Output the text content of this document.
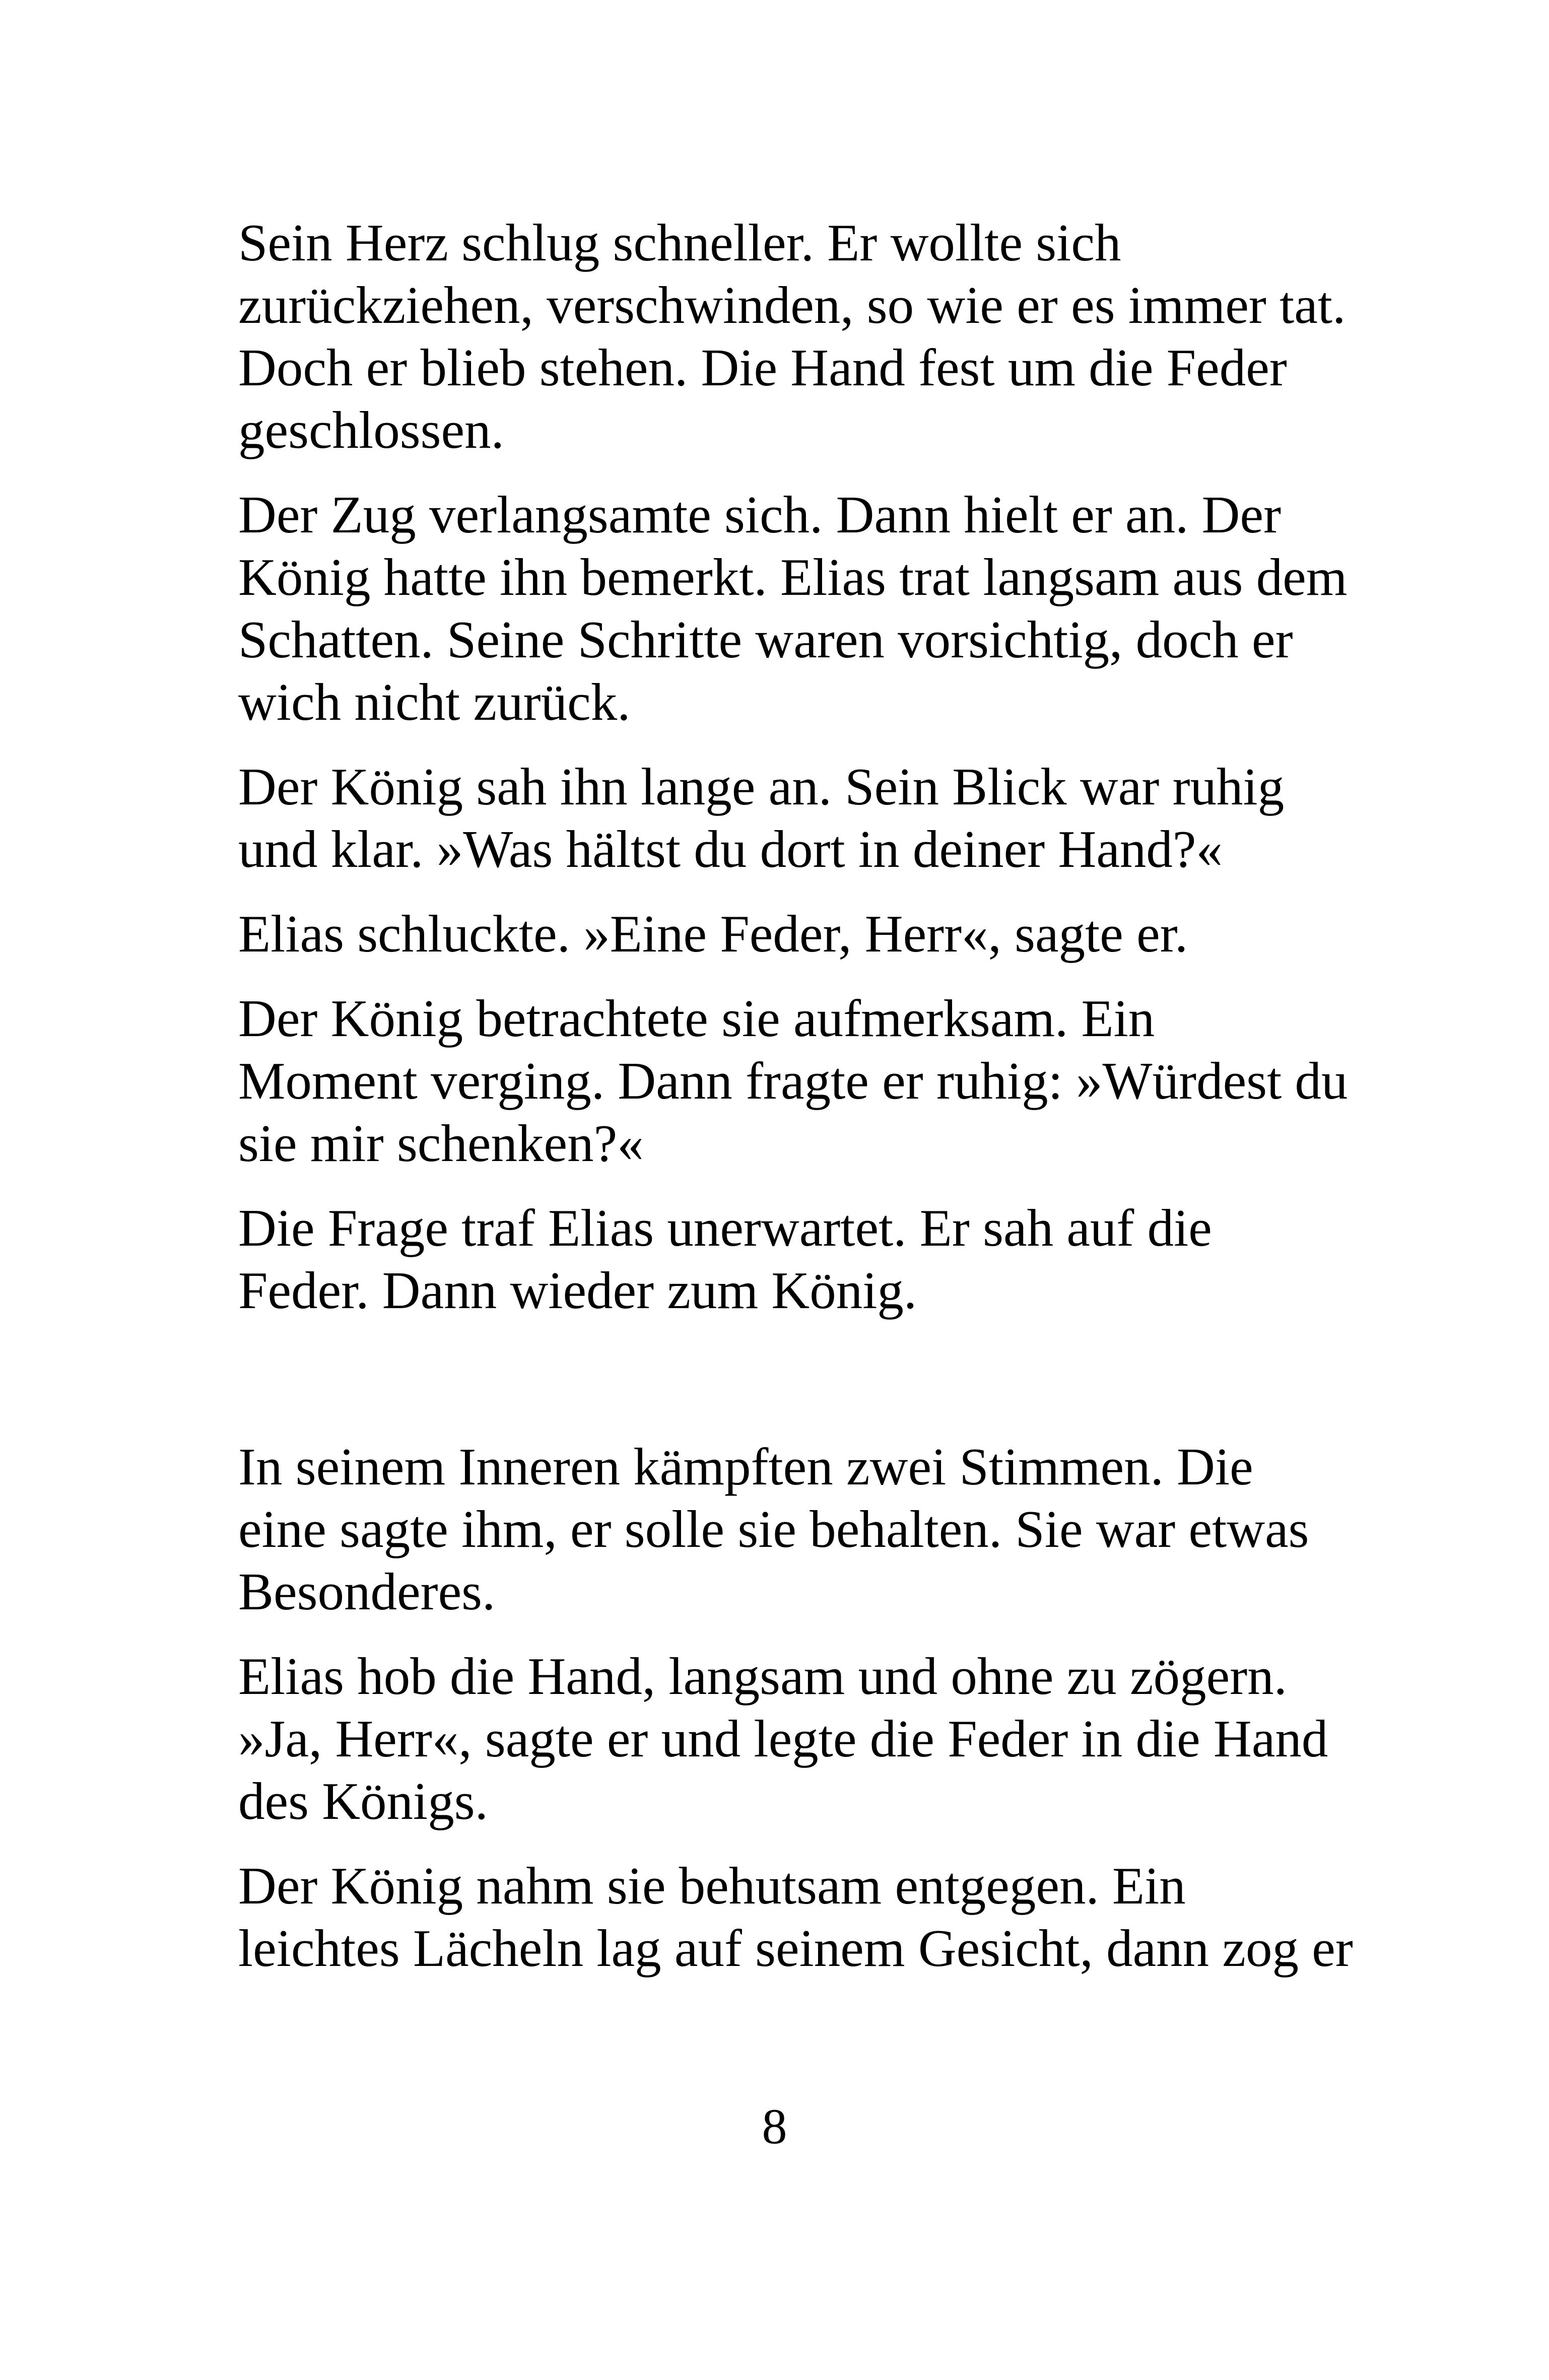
Sein Herz schlug schneller. Er wollte sich
zurückziehen, verschwinden, so wie er es immer tat.
Doch er blieb stehen. Die Hand fest um die Feder
geschlossen.

Der Zug verlangsamte sich. Dann hielt er an. Der
König hatte ihn bemerkt. Elias trat langsam aus dem
Schatten. Seine Schritte waren vorsichtig, doch er
wich nicht zurück.

Der König sah ihn lange an. Sein Blick war ruhig
und klar. »Was hältst du dort in deiner Hand?«

Elias schluckte. »Eine Feder, Herr«, sagte er.

Der König betrachtete sie aufmerksam. Ein
Moment verging. Dann fragte er ruhig: »Würdest du
sie mir schenken?«

Die Frage traf Elias unerwartet. Er sah auf die
Feder. Dann wieder zum König.

In seinem Inneren kämpften zwei Stimmen. Die
eine sagte ihm, er solle sie behalten. Sie war etwas
Besonderes.

Elias hob die Hand, langsam und ohne zu zögern.
»Ja, Herr«, sagte er und legte die Feder in die Hand
des Königs.

Der König nahm sie behutsam entgegen. Ein
leichtes Lächeln lag auf seinem Gesicht, dann zog er

8
